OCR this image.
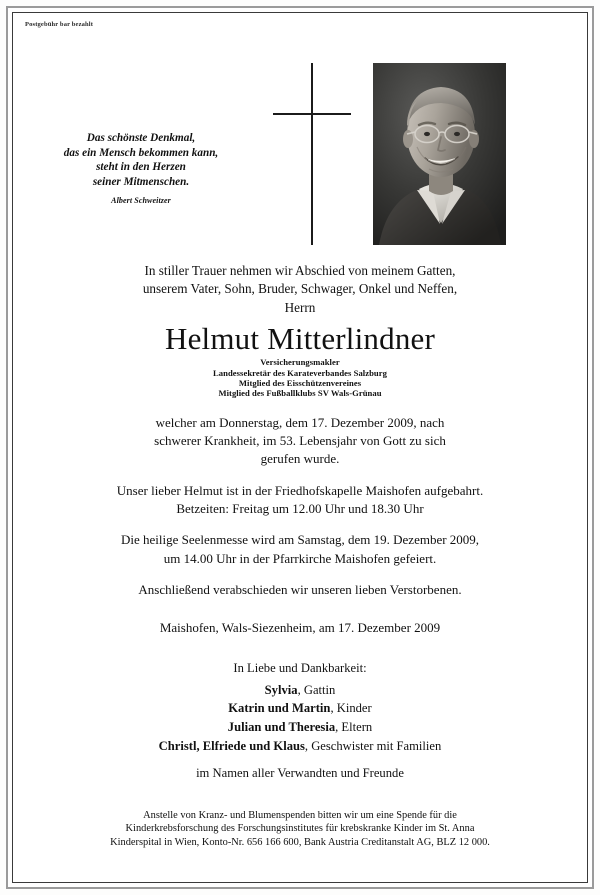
Postgebühr bar bezahlt
Das schönste Denkmal,
das ein Mensch bekommen kann,
steht in den Herzen
seiner Mitmenschen.
Albert Schweitzer
In stiller Trauer nehmen wir Abschied von meinem Gatten,
unserem Vater, Sohn, Bruder, Schwager, Onkel und Neffen,
Herrn
Helmut Mitterlindner
Versicherungsmakler
Landessekretär des Karateverbandes Salzburg
Mitglied des Eisschützenvereines
Mitglied des Fußballklubs SV Wals-Grünau
welcher am Donnerstag, dem 17. Dezember 2009, nach
schwerer Krankheit, im 53. Lebensjahr von Gott zu sich
gerufen wurde.
Unser lieber Helmut ist in der Friedhofskapelle Maishofen aufgebahrt.
Betzeiten: Freitag um 12.00 Uhr und 18.30 Uhr
Die heilige Seelenmesse wird am Samstag, dem 19. Dezember 2009,
um 14.00 Uhr in der Pfarrkirche Maishofen gefeiert.
Anschließend verabschieden wir unseren lieben Verstorbenen.
Maishofen, Wals-Siezenheim, am 17. Dezember 2009
In Liebe und Dankbarkeit:
Sylvia, Gattin
Katrin und Martin, Kinder
Julian und Theresia, Eltern
Christl, Elfriede und Klaus, Geschwister mit Familien
im Namen aller Verwandten und Freunde
Anstelle von Kranz- und Blumenspenden bitten wir um eine Spende für die
Kinderkrebsforschung des Forschungsinstitutes für krebskranke Kinder im St. Anna
Kinderspital in Wien, Konto-Nr. 656 166 600, Bank Austria Creditanstalt AG, BLZ 12 000.
